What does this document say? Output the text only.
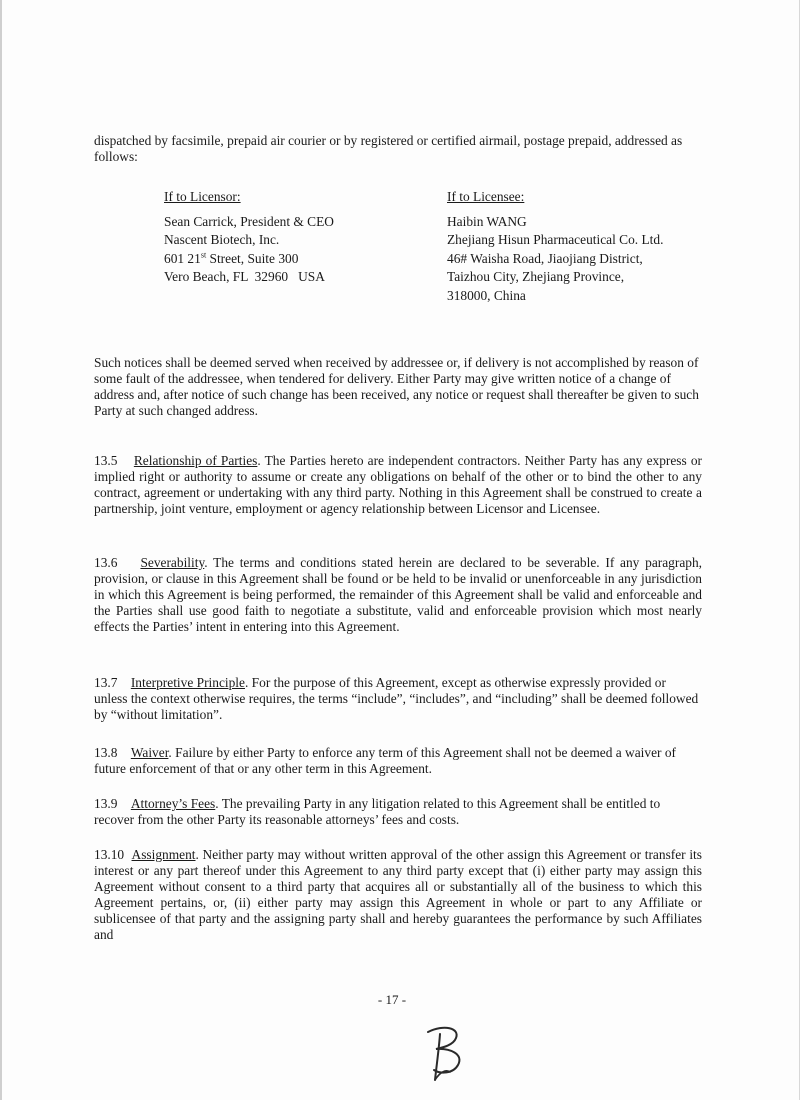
dispatched by facsimile, prepaid air courier or by registered or certified airmail, postage prepaid, addressed as follows:
If to Licensor:
Sean Carrick, President & CEO
Nascent Biotech, Inc.
601 21st Street, Suite 300
Vero Beach, FL  32960   USA
If to Licensee:
Haibin WANG
Zhejiang Hisun Pharmaceutical Co. Ltd.
46# Waisha Road, Jiaojiang District,
Taizhou City, Zhejiang Province,
318000, China
Such notices shall be deemed served when received by addressee or, if delivery is not accomplished by reason of some fault of the addressee, when tendered for delivery. Either Party may give written notice of a change of address and, after notice of such change has been received, any notice or request shall thereafter be given to such Party at such changed address.
13.5 Relationship of Parties. The Parties hereto are independent contractors. Neither Party has any express or implied right or authority to assume or create any obligations on behalf of the other or to bind the other to any contract, agreement or undertaking with any third party. Nothing in this Agreement shall be construed to create a partnership, joint venture, employment or agency relationship between Licensor and Licensee.
13.6 Severability. The terms and conditions stated herein are declared to be severable. If any paragraph, provision, or clause in this Agreement shall be found or be held to be invalid or unenforceable in any jurisdiction in which this Agreement is being performed, the remainder of this Agreement shall be valid and enforceable and the Parties shall use good faith to negotiate a substitute, valid and enforceable provision which most nearly effects the Parties’ intent in entering into this Agreement.
13.7 Interpretive Principle. For the purpose of this Agreement, except as otherwise expressly provided or unless the context otherwise requires, the terms “include”, “includes”, and “including” shall be deemed followed by “without limitation”.
13.8 Waiver. Failure by either Party to enforce any term of this Agreement shall not be deemed a waiver of future enforcement of that or any other term in this Agreement.
13.9 Attorney’s Fees. The prevailing Party in any litigation related to this Agreement shall be entitled to recover from the other Party its reasonable attorneys’ fees and costs.
13.10 Assignment. Neither party may without written approval of the other assign this Agreement or transfer its interest or any part thereof under this Agreement to any third party except that (i) either party may assign this Agreement without consent to a third party that acquires all or substantially all of the business to which this Agreement pertains, or, (ii) either party may assign this Agreement in whole or part to any Affiliate or sublicensee of that party and the assigning party shall and hereby guarantees the performance by such Affiliates and
- 17 -
